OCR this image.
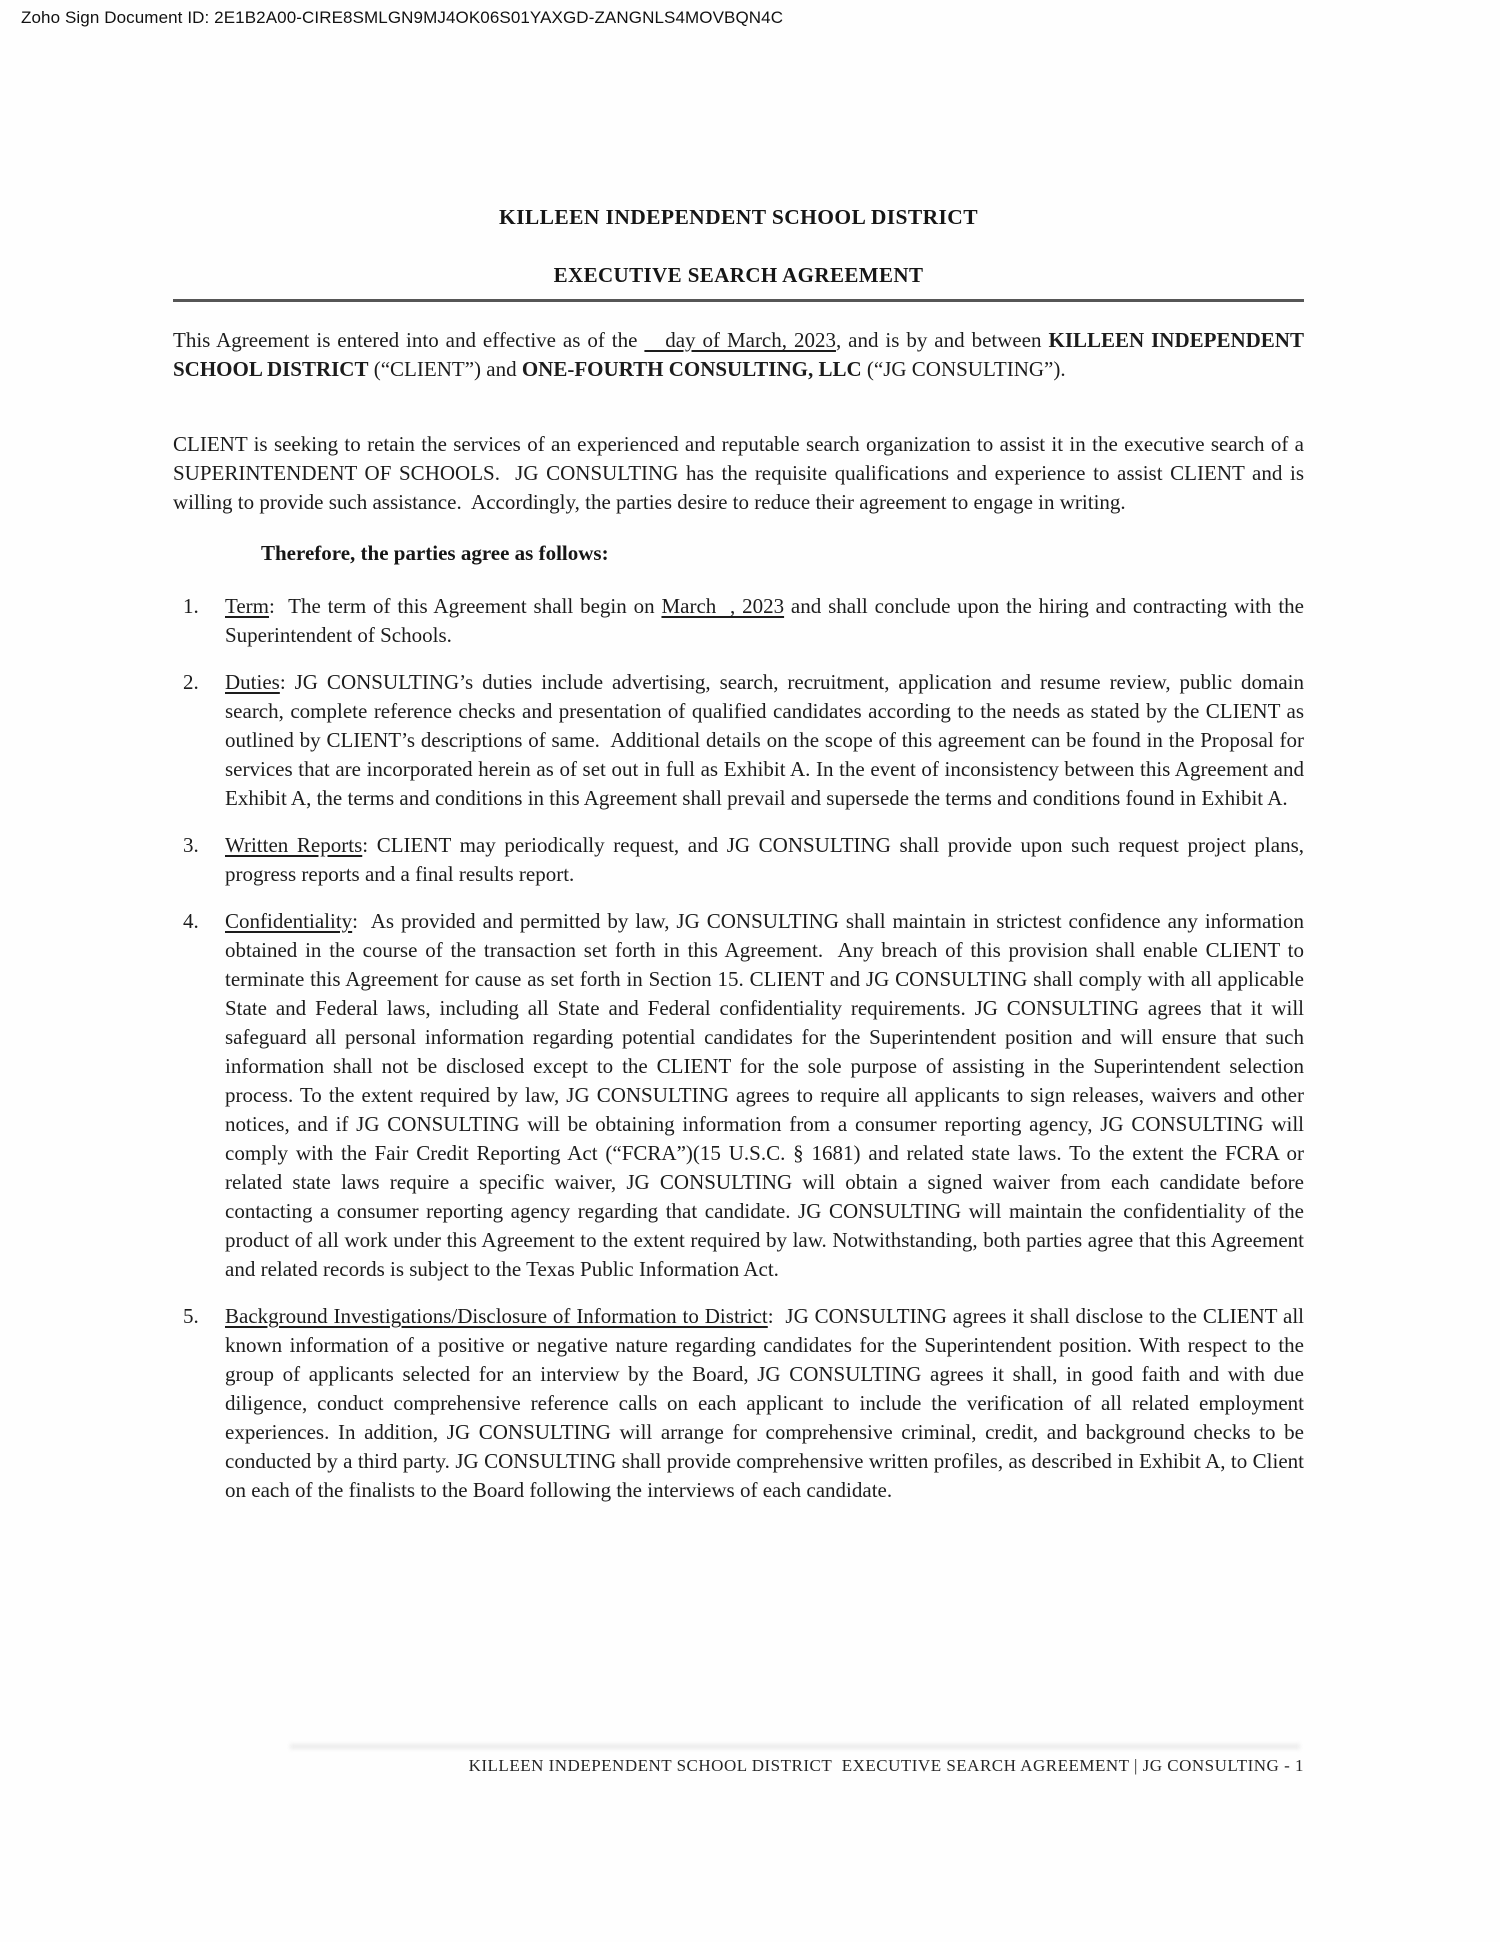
Zoho Sign Document ID: 2E1B2A00-CIRE8SMLGN9MJ4OK06S01YAXGD-ZANGNLS4MOVBQN4C
KILLEEN INDEPENDENT SCHOOL DISTRICT
EXECUTIVE SEARCH AGREEMENT

This Agreement is entered into and effective as of the    day of March, 2023, and is by and between KILLEEN INDEPENDENT SCHOOL DISTRICT (“CLIENT”) and ONE-FOURTH CONSULTING, LLC (“JG CONSULTING”).

CLIENT is seeking to retain the services of an experienced and reputable search organization to assist it in the executive search of a SUPERINTENDENT OF SCHOOLS.  JG CONSULTING has the requisite qualifications and experience to assist CLIENT and is willing to provide such assistance.  Accordingly, the parties desire to reduce their agreement to engage in writing.

Therefore, the parties agree as follows:

1. Term:  The term of this Agreement shall begin on March  , 2023 and shall conclude upon the hiring and contracting with the Superintendent of Schools.
2. Duties: JG CONSULTING’s duties include advertising, search, recruitment, application and resume review, public domain search, complete reference checks and presentation of qualified candidates according to the needs as stated by the CLIENT as outlined by CLIENT’s descriptions of same.  Additional details on the scope of this agreement can be found in the Proposal for services that are incorporated herein as of set out in full as Exhibit A. In the event of inconsistency between this Agreement and Exhibit A, the terms and conditions in this Agreement shall prevail and supersede the terms and conditions found in Exhibit A.
3. Written Reports: CLIENT may periodically request, and JG CONSULTING shall provide upon such request project plans, progress reports and a final results report.
4. Confidentiality:  As provided and permitted by law, JG CONSULTING shall maintain in strictest confidence any information obtained in the course of the transaction set forth in this Agreement.  Any breach of this provision shall enable CLIENT to terminate this Agreement for cause as set forth in Section 15. CLIENT and JG CONSULTING shall comply with all applicable State and Federal laws, including all State and Federal confidentiality requirements. JG CONSULTING agrees that it will safeguard all personal information regarding potential candidates for the Superintendent position and will ensure that such information shall not be disclosed except to the CLIENT for the sole purpose of assisting in the Superintendent selection process. To the extent required by law, JG CONSULTING agrees to require all applicants to sign releases, waivers and other notices, and if JG CONSULTING will be obtaining information from a consumer reporting agency, JG CONSULTING will comply with the Fair Credit Reporting Act (“FCRA”)(15 U.S.C. § 1681) and related state laws. To the extent the FCRA or related state laws require a specific waiver, JG CONSULTING will obtain a signed waiver from each candidate before contacting a consumer reporting agency regarding that candidate. JG CONSULTING will maintain the confidentiality of the product of all work under this Agreement to the extent required by law. Notwithstanding, both parties agree that this Agreement and related records is subject to the Texas Public Information Act.
5. Background Investigations/Disclosure of Information to District:  JG CONSULTING agrees it shall disclose to the CLIENT all known information of a positive or negative nature regarding candidates for the Superintendent position. With respect to the group of applicants selected for an interview by the Board, JG CONSULTING agrees it shall, in good faith and with due diligence, conduct comprehensive reference calls on each applicant to include the verification of all related employment experiences. In addition, JG CONSULTING will arrange for comprehensive criminal, credit, and background checks to be conducted by a third party. JG CONSULTING shall provide comprehensive written profiles, as described in Exhibit A, to Client on each of the finalists to the Board following the interviews of each candidate.
KILLEEN INDEPENDENT SCHOOL DISTRICT  EXECUTIVE SEARCH AGREEMENT | JG CONSULTING - 1
